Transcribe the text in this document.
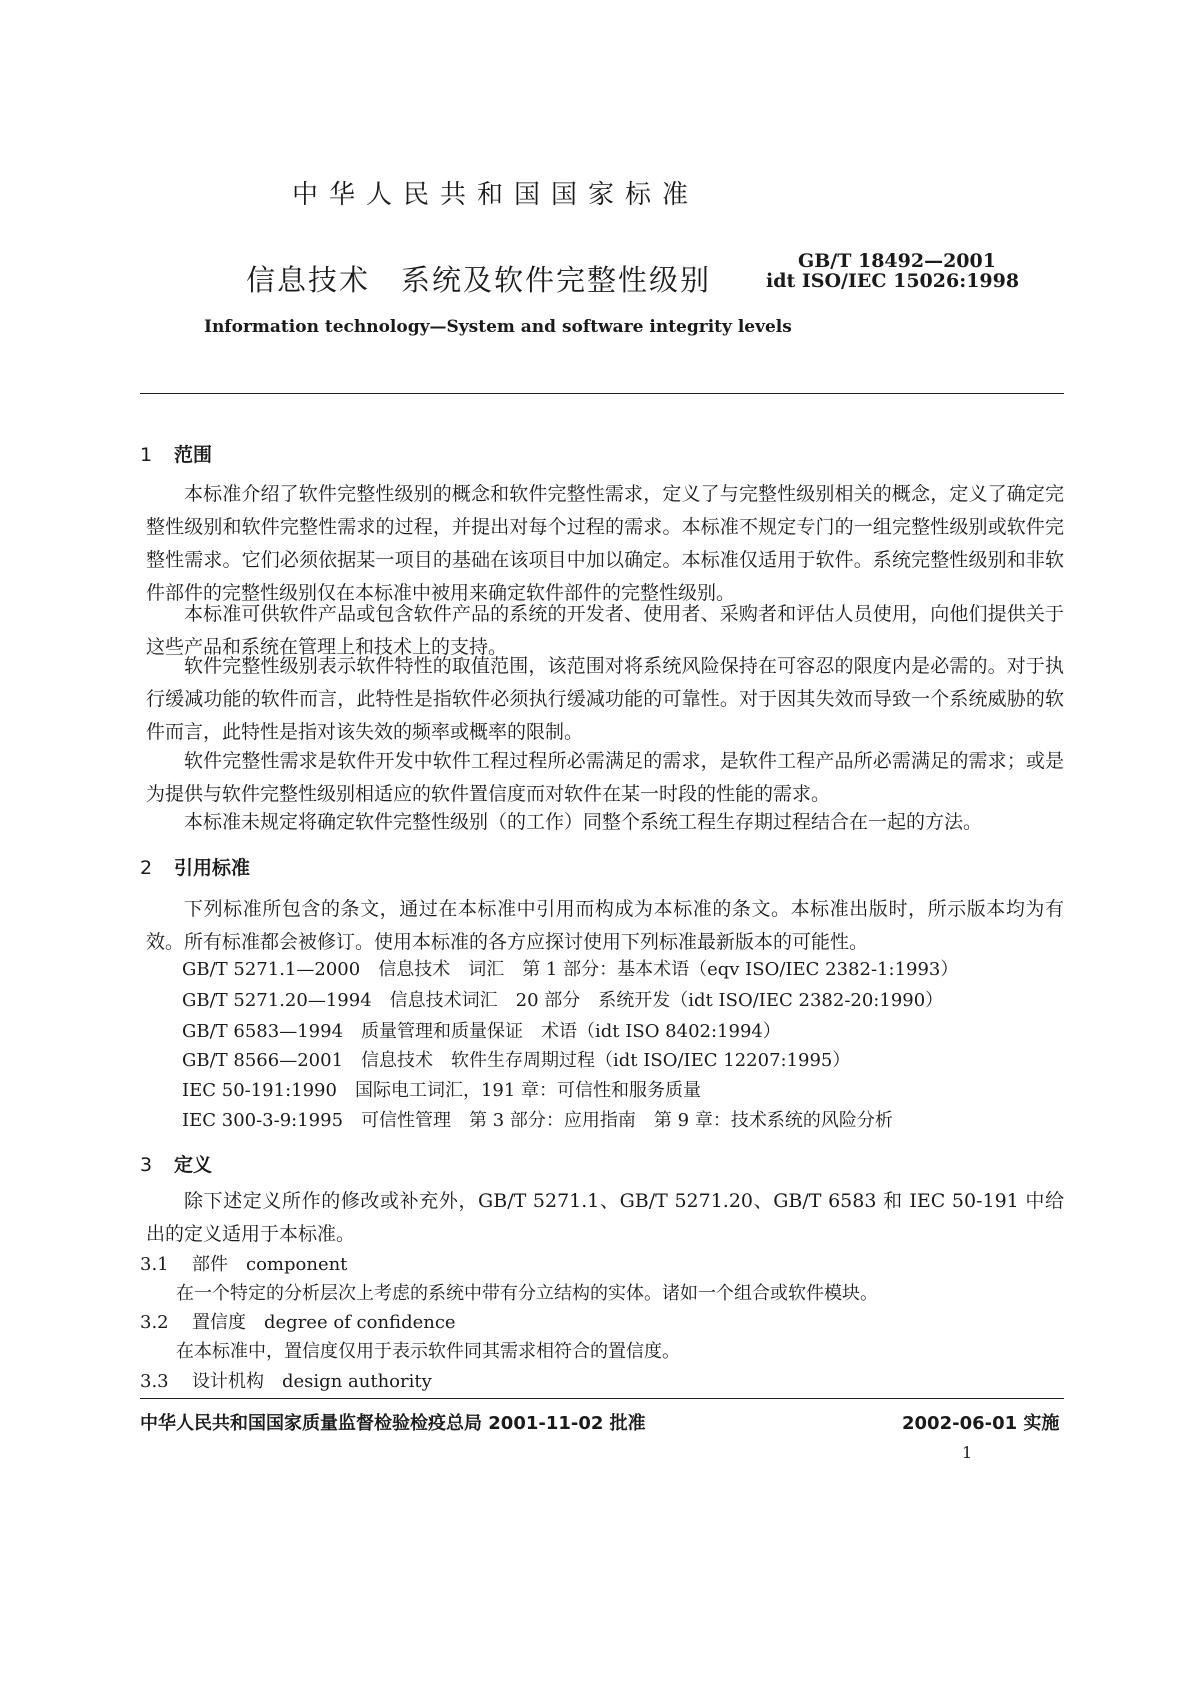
中华人民共和国国家标准
信息技术　系统及软件完整性级别
GB/T 18492—2001
idt ISO/IEC 15026:1998
Information technology—System and software integrity levels
1 范围

本标准介绍了软件完整性级别的概念和软件完整性需求，定义了与完整性级别相关的概念，定义了确定完整性级别和软件完整性需求的过程，并提出对每个过程的需求。本标准不规定专门的一组完整性级别或软件完整性需求。它们必须依据某一项目的基础在该项目中加以确定。本标准仅适用于软件。系统完整性级别和非软件部件的完整性级别仅在本标准中被用来确定软件部件的完整性级别。

本标准可供软件产品或包含软件产品的系统的开发者、使用者、采购者和评估人员使用，向他们提供关于这些产品和系统在管理上和技术上的支持。

软件完整性级别表示软件特性的取值范围，该范围对将系统风险保持在可容忍的限度内是必需的。对于执行缓减功能的软件而言，此特性是指软件必须执行缓减功能的可靠性。对于因其失效而导致一个系统威胁的软件而言，此特性是指对该失效的频率或概率的限制。

软件完整性需求是软件开发中软件工程过程所必需满足的需求，是软件工程产品所必需满足的需求；或是为提供与软件完整性级别相适应的软件置信度而对软件在某一时段的性能的需求。

本标准未规定将确定软件完整性级别（的工作）同整个系统工程生存期过程结合在一起的方法。

2 引用标准

下列标准所包含的条文，通过在本标准中引用而构成为本标准的条文。本标准出版时，所示版本均为有效。所有标准都会被修订。使用本标准的各方应探讨使用下列标准最新版本的可能性。

GB/T 5271.1—2000　信息技术　词汇　第 1 部分：基本术语（eqv ISO/IEC 2382-1:1993）
GB/T 5271.20—1994　信息技术词汇　20 部分　系统开发（idt ISO/IEC 2382-20:1990）
GB/T 6583—1994　质量管理和质量保证　术语（idt ISO 8402:1994）
GB/T 8566—2001　信息技术　软件生存周期过程（idt ISO/IEC 12207:1995）
IEC 50-191:1990　国际电工词汇，191 章：可信性和服务质量
IEC 300-3-9:1995　可信性管理　第 3 部分：应用指南　第 9 章：技术系统的风险分析
3 定义

除下述定义所作的修改或补充外，GB/T 5271.1、GB/T 5271.20、GB/T 6583 和 IEC 50-191 中给出的定义适用于本标准。

3.1 部件 component
在一个特定的分析层次上考虑的系统中带有分立结构的实体。诸如一个组合或软件模块。
3.2 置信度 degree of confidence
在本标准中，置信度仅用于表示软件同其需求相符合的置信度。
3.3 设计机构 design authority
中华人民共和国国家质量监督检验检疫总局 2001-11-02 批准	2002-06-01 实施
1
